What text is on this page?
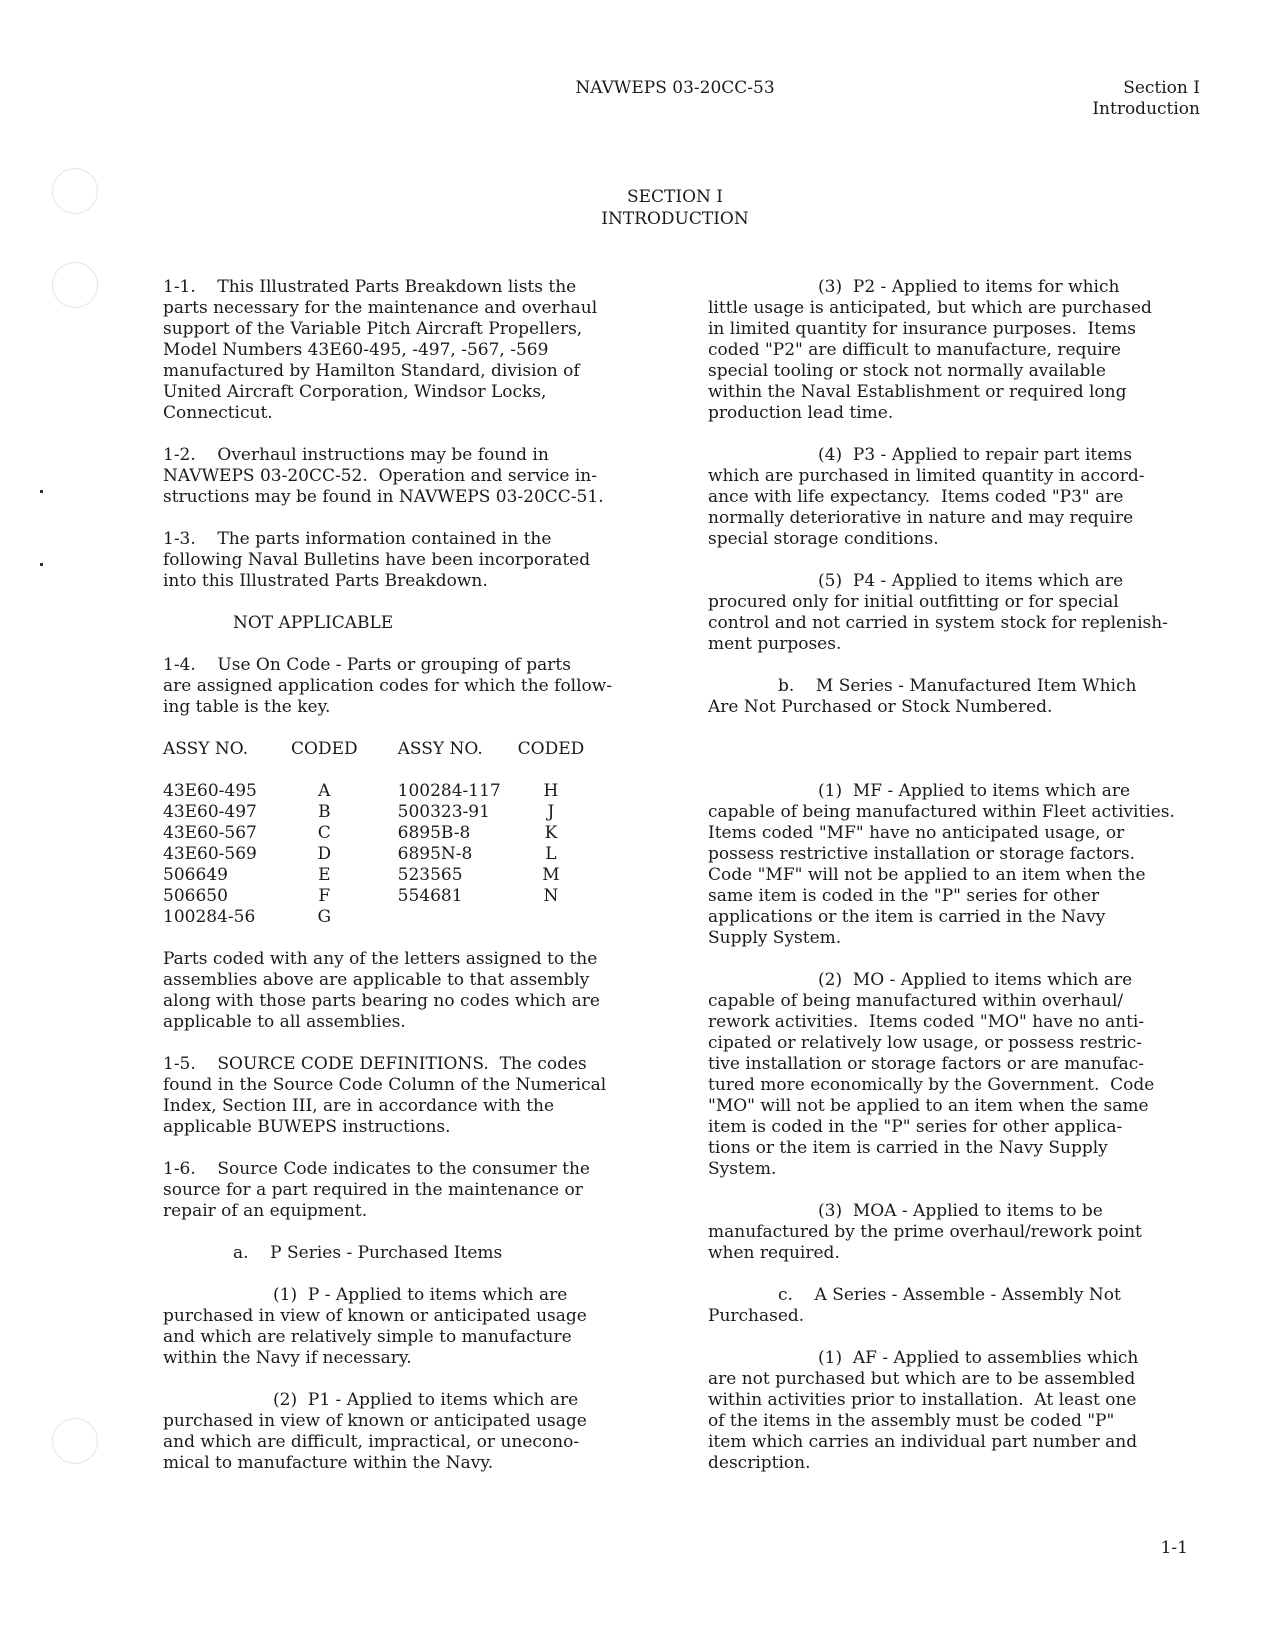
NAVWEPS 03-20CC-53	Section I
Introduction
SECTION I
INTRODUCTION

1-1.    This Illustrated Parts Breakdown lists the

parts necessary for the maintenance and overhaul

support of the Variable Pitch Aircraft Propellers,

Model Numbers 43E60-495, -497, -567, -569

manufactured by Hamilton Standard, division of

United Aircraft Corporation, Windsor Locks,

Connecticut.

1-2.    Overhaul instructions may be found in

NAVWEPS 03-20CC-52.  Operation and service in-

structions may be found in NAVWEPS 03-20CC-51.

1-3.    The parts information contained in the

following Naval Bulletins have been incorporated

into this Illustrated Parts Breakdown.

NOT APPLICABLE

1-4.    Use On Code - Parts or grouping of parts

are assigned application codes for which the follow-

ing table is the key.

ASSY NO.	CODED	ASSY NO.	CODED

43E60-495	A	100284-117	H
43E60-497	B	500323-91	J
43E60-567	C	6895B-8	K
43E60-569	D	6895N-8	L
506649	E	523565	M
506650	F	554681	N
100284-56	G		

Parts coded with any of the letters assigned to the

assemblies above are applicable to that assembly

along with those parts bearing no codes which are

applicable to all assemblies.

1-5.    SOURCE CODE DEFINITIONS.  The codes

found in the Source Code Column of the Numerical

Index, Section III, are in accordance with the

applicable BUWEPS instructions.

1-6.    Source Code indicates to the consumer the

source for a part required in the maintenance or

repair of an equipment.

a.    P Series - Purchased Items

(1)  P - Applied to items which are

purchased in view of known or anticipated usage

and which are relatively simple to manufacture

within the Navy if necessary.

(2)  P1 - Applied to items which are

purchased in view of known or anticipated usage

and which are difficult, impractical, or unecono-

mical to manufacture within the Navy.

(3)  P2 - Applied to items for which

little usage is anticipated, but which are purchased

in limited quantity for insurance purposes.  Items

coded "P2" are difficult to manufacture, require

special tooling or stock not normally available

within the Naval Establishment or required long

production lead time.

(4)  P3 - Applied to repair part items

which are purchased in limited quantity in accord-

ance with life expectancy.  Items coded "P3" are

normally deteriorative in nature and may require

special storage conditions.

(5)  P4 - Applied to items which are

procured only for initial outfitting or for special

control and not carried in system stock for replenish-

ment purposes.

b.    M Series - Manufactured Item Which

Are Not Purchased or Stock Numbered.

(1)  MF - Applied to items which are

capable of being manufactured within Fleet activities.

Items coded "MF" have no anticipated usage, or

possess restrictive installation or storage factors.

Code "MF" will not be applied to an item when the

same item is coded in the "P" series for other

applications or the item is carried in the Navy

Supply System.

(2)  MO - Applied to items which are

capable of being manufactured within overhaul/

rework activities.  Items coded "MO" have no anti-

cipated or relatively low usage, or possess restric-

tive installation or storage factors or are manufac-

tured more economically by the Government.  Code

"MO" will not be applied to an item when the same

item is coded in the "P" series for other applica-

tions or the item is carried in the Navy Supply

System.

(3)  MOA - Applied to items to be

manufactured by the prime overhaul/rework point

when required.

c.    A Series - Assemble - Assembly Not

Purchased.

(1)  AF - Applied to assemblies which

are not purchased but which are to be assembled

within activities prior to installation.  At least one

of the items in the assembly must be coded "P"

item which carries an individual part number and

description.

1-1
